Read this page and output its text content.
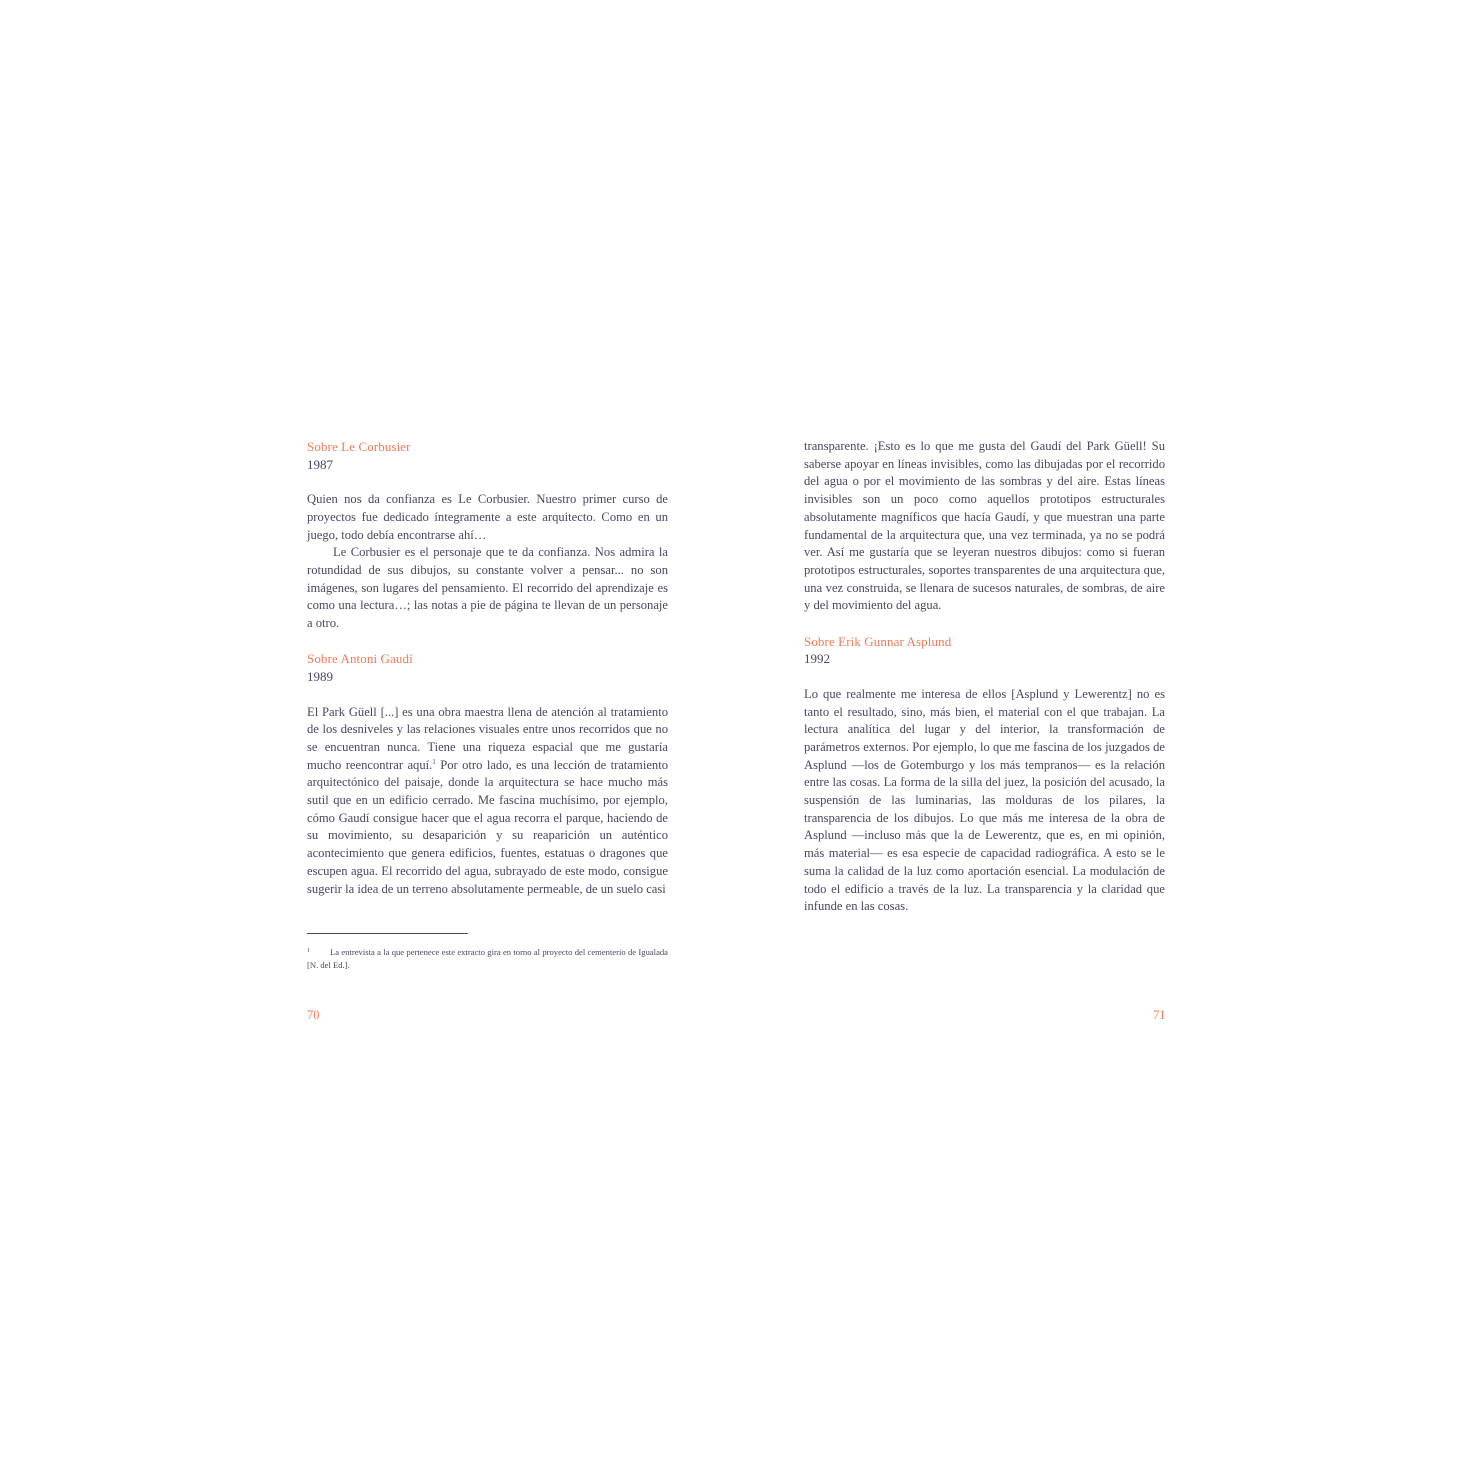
Sobre Le Corbusier
1987

Quien nos da confianza es Le Corbusier. Nuestro primer curso de proyectos fue dedicado íntegramente a este arquitecto. Como en un juego, todo debía encontrarse ahí…

Le Corbusier es el personaje que te da confianza. Nos admira la rotundidad de sus dibujos, su constante volver a pensar... no son imágenes, son lugares del pensamiento. El recorrido del aprendizaje es como una lectura…; las notas a pie de página te llevan de un personaje a otro.

Sobre Antoni Gaudí
1989

El Park Güell [...] es una obra maestra llena de atención al tratamiento de los desniveles y las relaciones visuales entre unos recorridos que no se encuentran nunca. Tiene una riqueza espacial que me gustaría mucho reencontrar aquí.$^1$ Por otro lado, es una lección de tratamiento arquitectónico del paisaje, donde la arquitectura se hace mucho más sutil que en un edificio cerrado. Me fascina muchísimo, por ejemplo, cómo Gaudí consigue hacer que el agua recorra el parque, haciendo de su movimiento, su desaparición y su reaparición un auténtico acontecimiento que genera edificios, fuentes, estatuas o dragones que escupen agua. El recorrido del agua, subrayado de este modo, consigue sugerir la idea de un terreno absolutamente permeable, de un suelo casi

$^1$ La entrevista a la que pertenece este extracto gira en torno al proyecto del cementerio de Igualada [N. del Ed.].
70

transparente. ¡Esto es lo que me gusta del Gaudí del Park Güell! Su saberse apoyar en líneas invisibles, como las dibujadas por el recorrido del agua o por el movimiento de las sombras y del aire. Estas líneas invisibles son un poco como aquellos prototipos estructurales absolutamente magníficos que hacía Gaudí, y que muestran una parte fundamental de la arquitectura que, una vez terminada, ya no se podrá ver. Así me gustaría que se leyeran nuestros dibujos: como si fueran prototipos estructurales, soportes transparentes de una arquitectura que, una vez construida, se llenara de sucesos naturales, de sombras, de aire y del movimiento del agua.

Sobre Erik Gunnar Asplund
1992

Lo que realmente me interesa de ellos [Asplund y Lewerentz] no es tanto el resultado, sino, más bien, el material con el que trabajan. La lectura analítica del lugar y del interior, la transformación de parámetros externos. Por ejemplo, lo que me fascina de los juzgados de Asplund —los de Gotemburgo y los más tempranos— es la relación entre las cosas. La forma de la silla del juez, la posición del acusado, la suspensión de las luminarias, las molduras de los pilares, la transparencia de los dibujos. Lo que más me interesa de la obra de Asplund —incluso más que la de Lewerentz, que es, en mi opinión, más material— es esa especie de capacidad radiográfica. A esto se le suma la calidad de la luz como aportación esencial. La modulación de todo el edificio a través de la luz. La transparencia y la claridad que infunde en las cosas.

71
